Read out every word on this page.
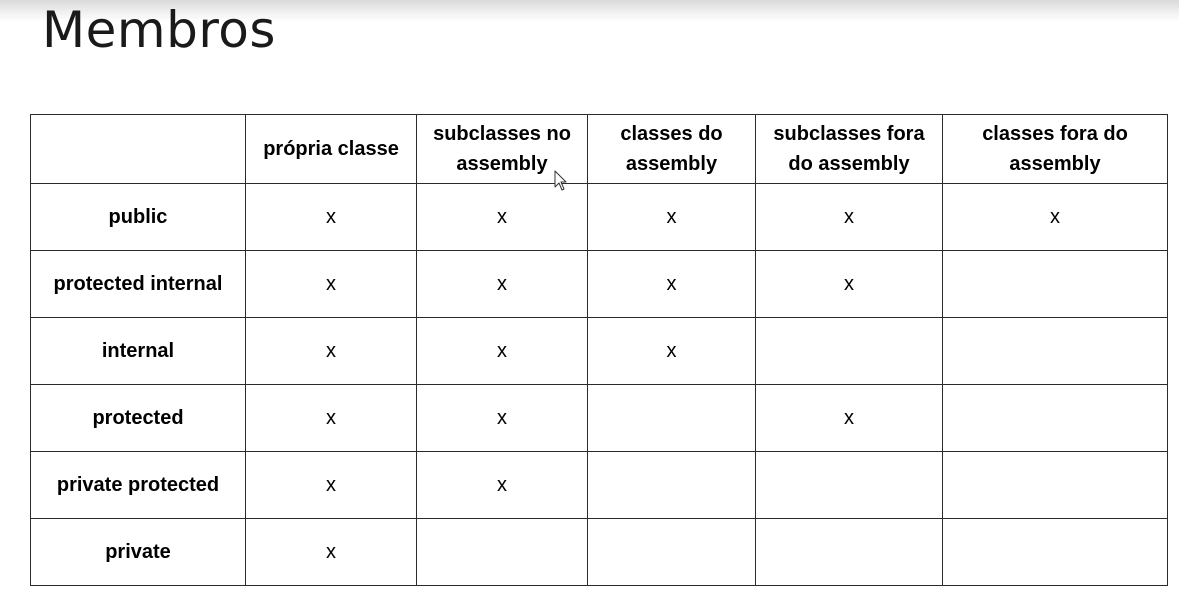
Membros
	própria classe	subclasses no assembly	classes do assembly	subclasses fora do assembly	classes fora do assembly
public	x	x	x	x	x
protected internal	x	x	x	x	
internal	x	x	x		
protected	x	x		x	
private protected	x	x			
private	x				
